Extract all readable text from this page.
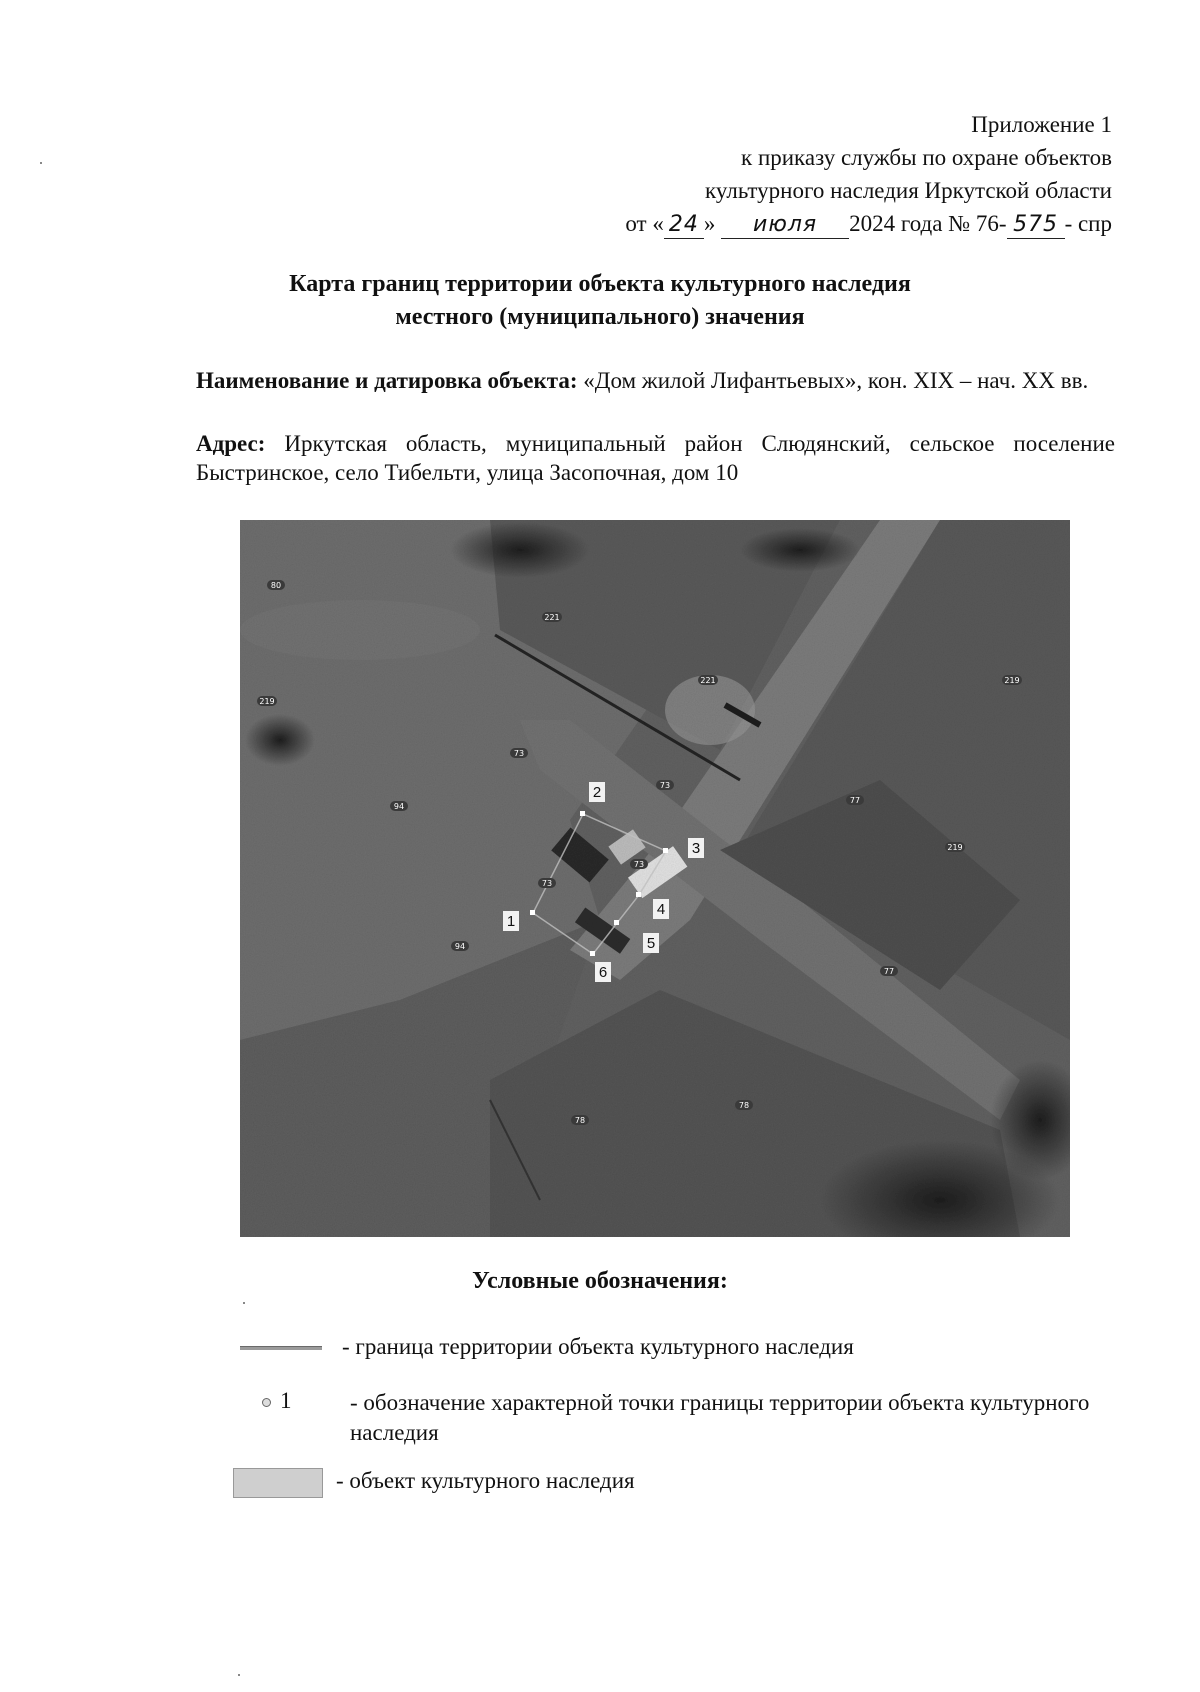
Приложение 1
к приказу службы по охране объектов
культурного наследия Иркутской области
от « 24 » июля 2024 года № 76- 575 - спр
Карта границ территории объекта культурного наследия
местного (муниципального) значения
Наименование и датировка объекта: «Дом жилой Лифантьевых», кон. XIX – нач. XX вв.
Адрес: Иркутская область, муниципальный район Слюдянский, сельское поселение Быстринское, село Тибельти, улица Засопочная, дом 10
1
2
3
4
5
6
80
221
219
221	219
73
73
94
77
73
73
219
94
77
78
78
Условные обозначения:
- граница территории объекта культурного наследия
1	- обозначение характерной точки границы территории объекта культурного наследия
- объект культурного наследия
